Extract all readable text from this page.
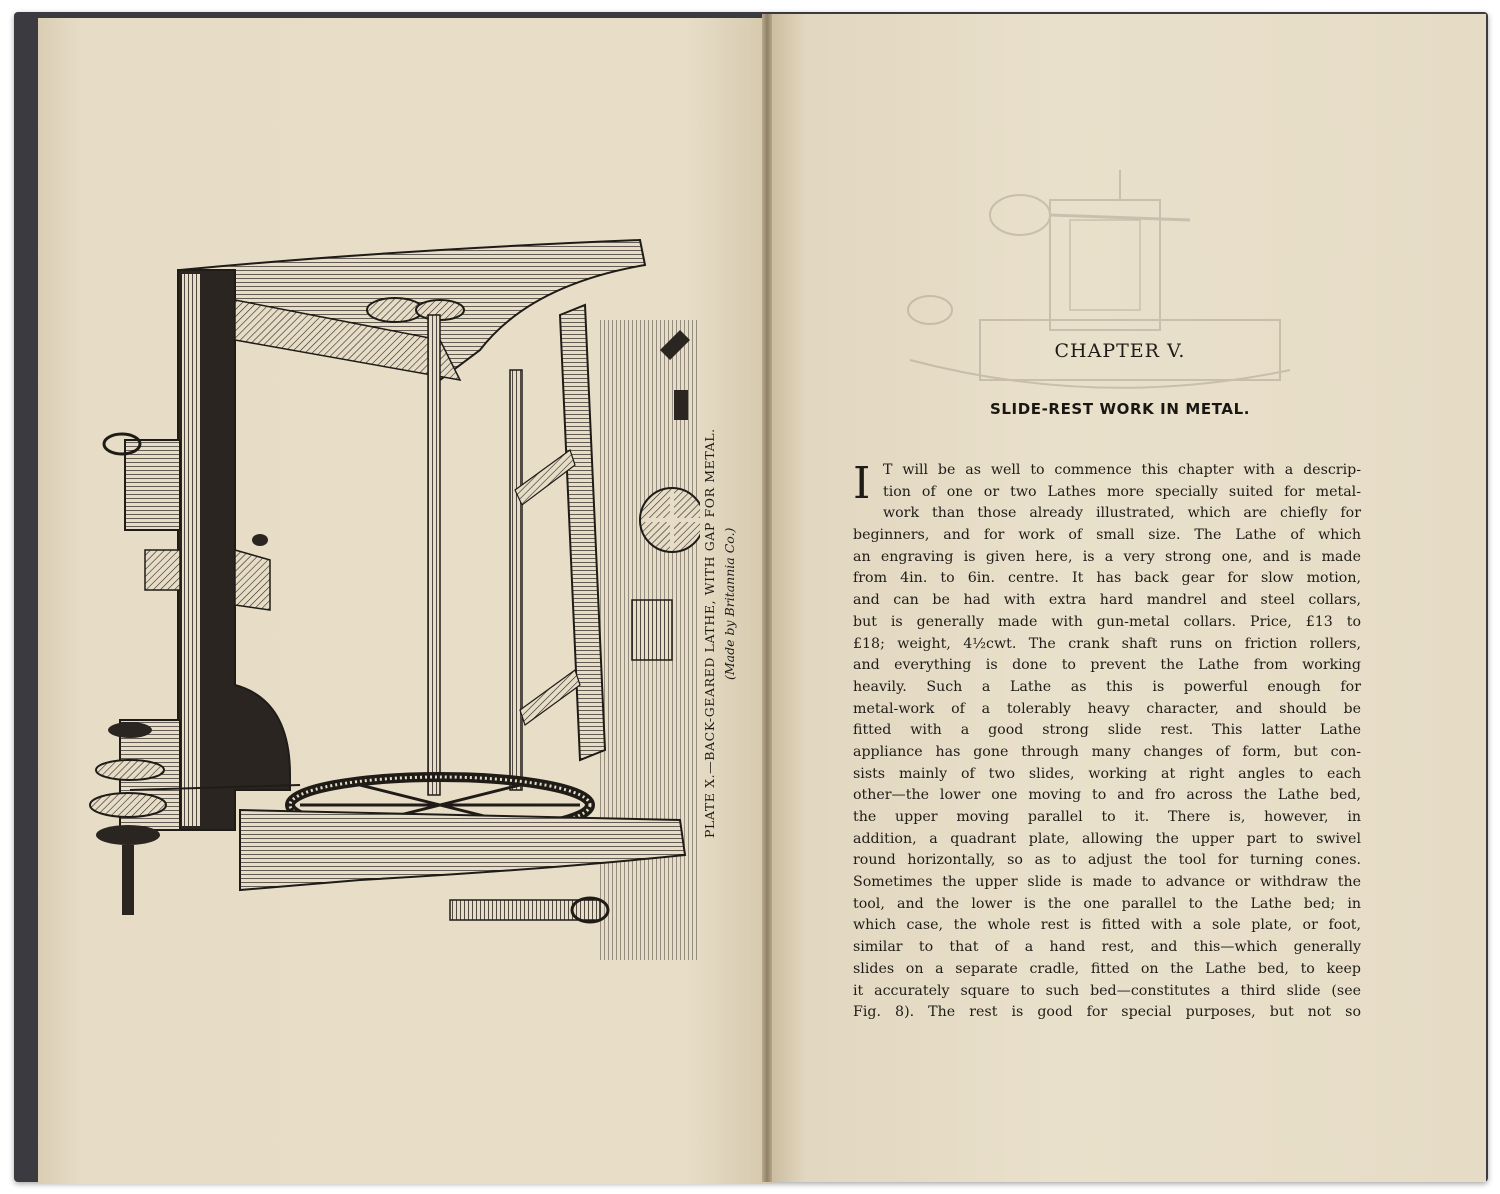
PLATE X.—BACK-GEARED LATHE, WITH GAP FOR METAL. (Made by Britannia Co.)
CHAPTER V.
SLIDE-REST WORK IN METAL.
I T will be as well to commence this chapter with a descrip-
tion of one or two Lathes more specially suited for metal-
work than those already illustrated, which are chiefly for
beginners, and for work of small size. The Lathe of which
an engraving is given here, is a very strong one, and is made
from 4in. to 6in. centre. It has back gear for slow motion,
and can be had with extra hard mandrel and steel collars,
but is generally made with gun-metal collars. Price, £13 to
£18; weight, 4½cwt. The crank shaft runs on friction rollers,
and everything is done to prevent the Lathe from working
heavily. Such a Lathe as this is powerful enough for
metal-work of a tolerably heavy character, and should be
fitted with a good strong slide rest. This latter Lathe
appliance has gone through many changes of form, but con-
sists mainly of two slides, working at right angles to each
other—the lower one moving to and fro across the Lathe bed,
the upper moving parallel to it. There is, however, in
addition, a quadrant plate, allowing the upper part to swivel
round horizontally, so as to adjust the tool for turning cones.
Sometimes the upper slide is made to advance or withdraw the
tool, and the lower is the one parallel to the Lathe bed; in
which case, the whole rest is fitted with a sole plate, or foot,
similar to that of a hand rest, and this—which generally
slides on a separate cradle, fitted on the Lathe bed, to keep
it accurately square to such bed—constitutes a third slide (see
Fig. 8). The rest is good for special purposes, but not so
